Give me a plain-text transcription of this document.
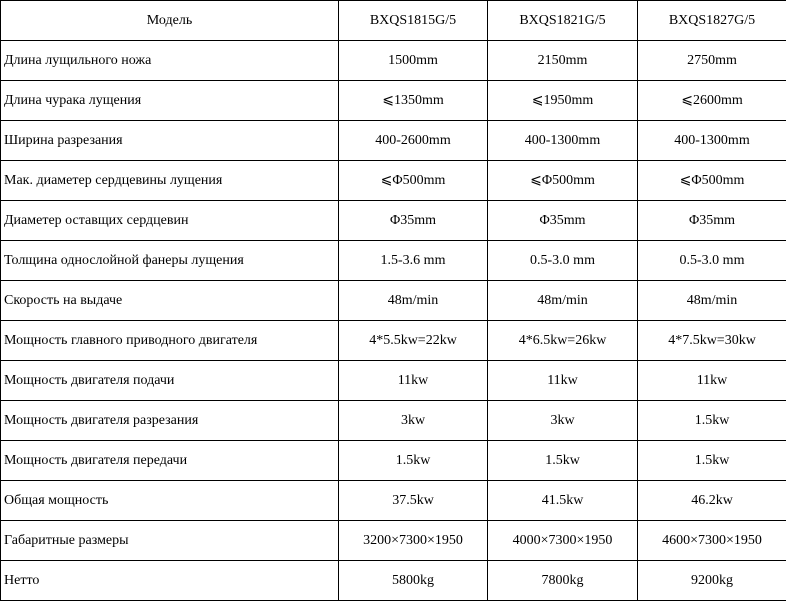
Модель	BXQS1815G/5	BXQS1821G/5	BXQS1827G/5
Длина лущильного ножа	1500mm	2150mm	2750mm
Длина чурака лущения	⩽1350mm	⩽1950mm	⩽2600mm
Ширина разрезания	400-2600mm	400-1300mm	400-1300mm
Мак. диаметер сердцевины лущения	⩽Φ500mm	⩽Φ500mm	⩽Φ500mm
Диаметер оставщих сердцевин	Φ35mm	Φ35mm	Φ35mm
Толщина однослойной фанеры лущения	1.5-3.6 mm	0.5-3.0 mm	0.5-3.0 mm
Скорость на выдаче	48m/min	48m/min	48m/min
Мощность главного приводного двигателя	4*5.5kw=22kw	4*6.5kw=26kw	4*7.5kw=30kw
Мощность двигателя подачи	11kw	11kw	11kw
Мощность двигателя разрезания	3kw	3kw	1.5kw
Мощность двигателя передачи	1.5kw	1.5kw	1.5kw
Общая мощность	37.5kw	41.5kw	46.2kw
Габаритные размеры	3200×7300×1950	4000×7300×1950	4600×7300×1950
Нетто	5800kg	7800kg	9200kg
